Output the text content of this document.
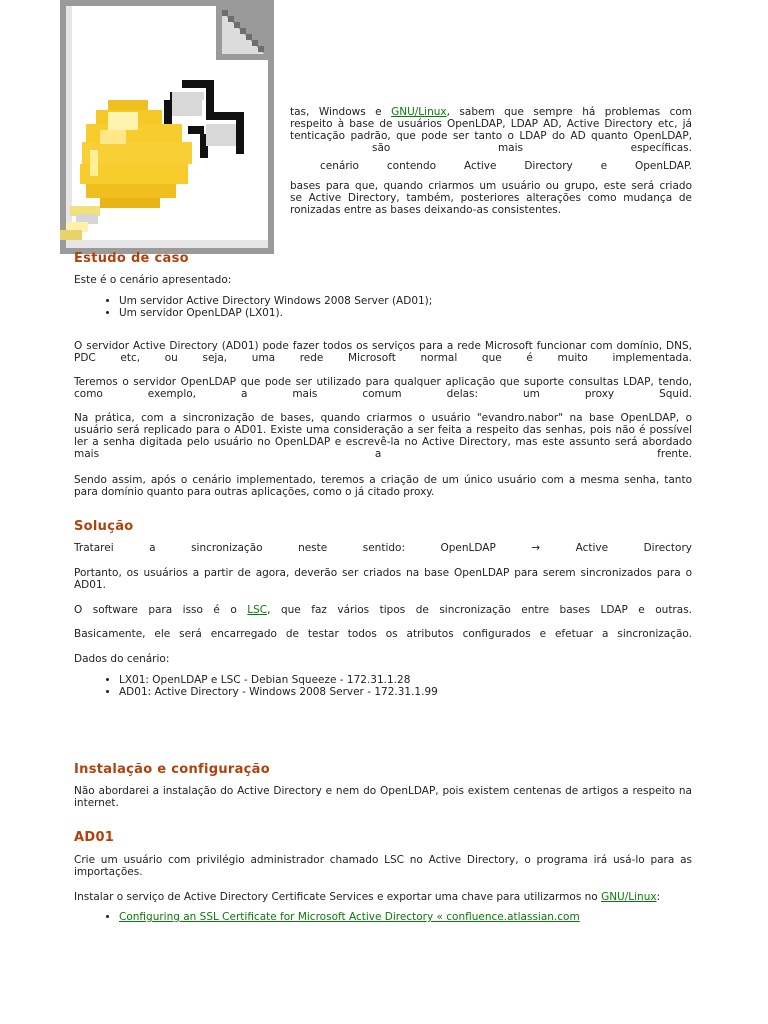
tas, Windows e GNU/Linux, sabem que sempre há problemas com

respeito à base de usuários OpenLDAP, LDAP AD, Active Directory etc, já

tenticação padrão, que pode ser tanto o LDAP do AD quanto OpenLDAP,

são mais específicas.

cenário contendo Active Directory e OpenLDAP.

bases para que, quando criarmos um usuário ou grupo, este será criado

se Active Directory, também, posteriores alterações como mudança de

ronizadas entre as bases deixando-as consistentes.

Estudo de caso

Este é o cenário apresentado:

• Um servidor Active Directory Windows 2008 Server (AD01);
• Um servidor OpenLDAP (LX01).

O servidor Active Directory (AD01) pode fazer todos os serviços para a rede Microsoft funcionar com domínio, DNS,

PDC etc, ou seja, uma rede Microsoft normal que é muito implementada.

Teremos o servidor OpenLDAP que pode ser utilizado para qualquer aplicação que suporte consultas LDAP, tendo,

como exemplo, a mais comum delas: um proxy Squid.

Na prática, com a sincronização de bases, quando criarmos o usuário "evandro.nabor" na base OpenLDAP, o

usuário será replicado para o AD01. Existe uma consideração a ser feita a respeito das senhas, pois não é possível

ler a senha digitada pelo usuário no OpenLDAP e escrevê-la no Active Directory, mas este assunto será abordado

mais a frente.

Sendo assim, após o cenário implementado, teremos a criação de um único usuário com a mesma senha, tanto

para domínio quanto para outras aplicações, como o já citado proxy.

Solução

Tratarei a sincronização neste sentido: OpenLDAP → Active Directory

Portanto, os usuários a partir de agora, deverão ser criados na base OpenLDAP para serem sincronizados para o

AD01.

O software para isso é o LSC, que faz vários tipos de sincronização entre bases LDAP e outras.

Basicamente, ele será encarregado de testar todos os atributos configurados e efetuar a sincronização.

Dados do cenário:

• LX01: OpenLDAP e LSC - Debian Squeeze - 172.31.1.28
• AD01: Active Directory - Windows 2008 Server - 172.31.1.99
Instalação e configuração

Não abordarei a instalação do Active Directory e nem do OpenLDAP, pois existem centenas de artigos a respeito na

internet.

AD01

Crie um usuário com privilégio administrador chamado LSC no Active Directory, o programa irá usá-lo para as

importações.

Instalar o serviço de Active Directory Certificate Services e exportar uma chave para utilizarmos no GNU/Linux:

• Configuring an SSL Certificate for Microsoft Active Directory « confluence.atlassian.com
